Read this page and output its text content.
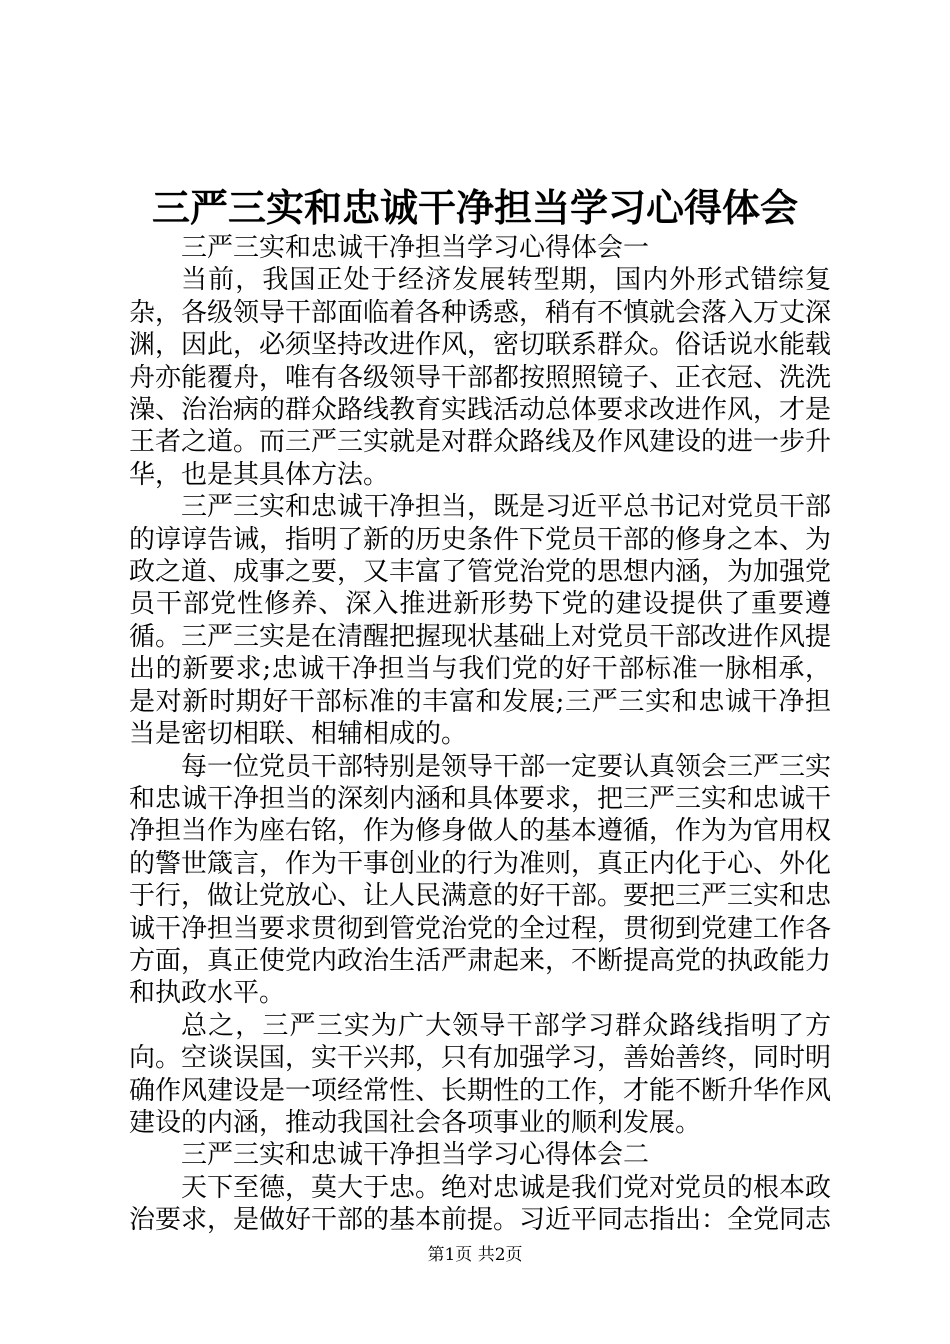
三严三实和忠诚干净担当学习心得体会

三严三实和忠诚干净担当学习心得体会一

当前，我国正处于经济发展转型期，国内外形式错综复杂，各级领导干部面临着各种诱惑，稍有不慎就会落入万丈深渊，因此，必须坚持改进作风，密切联系群众。俗话说水能载舟亦能覆舟，唯有各级领导干部都按照照镜子、正衣冠、洗洗澡、治治病的群众路线教育实践活动总体要求改进作风，才是王者之道。而三严三实就是对群众路线及作风建设的进一步升华，也是其具体方法。

三严三实和忠诚干净担当，既是习近平总书记对党员干部的谆谆告诫，指明了新的历史条件下党员干部的修身之本、为政之道、成事之要，又丰富了管党治党的思想内涵，为加强党员干部党性修养、深入推进新形势下党的建设提供了重要遵循。三严三实是在清醒把握现状基础上对党员干部改进作风提出的新要求;忠诚干净担当与我们党的好干部标准一脉相承，是对新时期好干部标准的丰富和发展;三严三实和忠诚干净担当是密切相联、相辅相成的。

每一位党员干部特别是领导干部一定要认真领会三严三实和忠诚干净担当的深刻内涵和具体要求，把三严三实和忠诚干净担当作为座右铭，作为修身做人的基本遵循，作为为官用权的警世箴言，作为干事创业的行为准则，真正内化于心、外化于行，做让党放心、让人民满意的好干部。要把三严三实和忠诚干净担当要求贯彻到管党治党的全过程，贯彻到党建工作各方面，真正使党内政治生活严肃起来，不断提高党的执政能力和执政水平。

总之，三严三实为广大领导干部学习群众路线指明了方向。空谈误国，实干兴邦，只有加强学习，善始善终，同时明确作风建设是一项经常性、长期性的工作，才能不断升华作风建设的内涵，推动我国社会各项事业的顺利发展。

三严三实和忠诚干净担当学习心得体会二

天下至德，莫大于忠。绝对忠诚是我们党对党员的根本政治要求，是做好干部的基本前提。习近平同志指出：全党同志

第1页 共2页
